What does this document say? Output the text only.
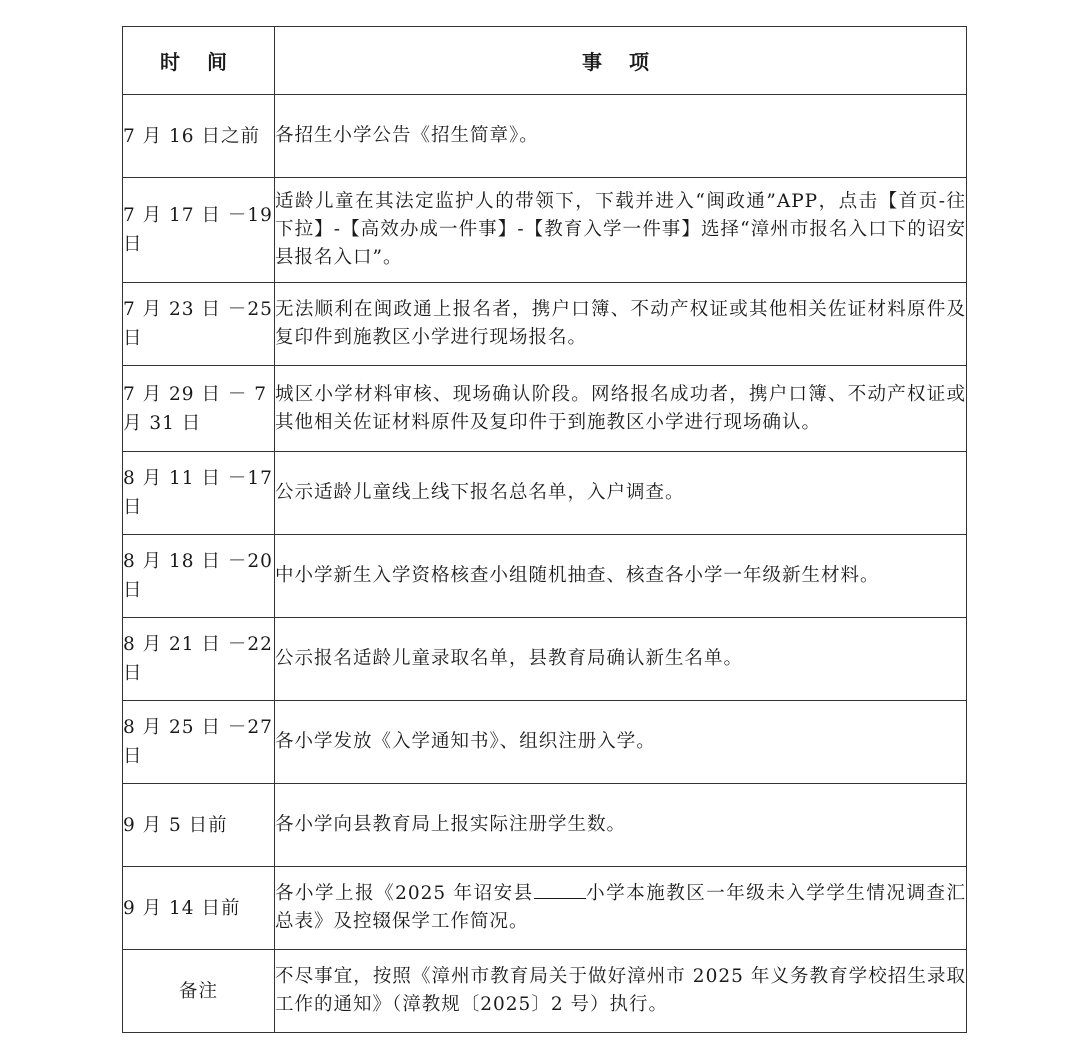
时 间	事 项
7 月 16 日之前	各招生小学公告《招生简章》。
7 月 17 日 －19 日	适龄儿童在其法定监护人的带领下，下载并进入“闽政通”APP，点击【首页-往下拉】-【高效办成一件事】-【教育入学一件事】选择“漳州市报名入口下的诏安县报名入口”。
7 月 23 日 －25 日	无法顺利在闽政通上报名者，携户口簿、不动产权证或其他相关佐证材料原件及复印件到施教区小学进行现场报名。
7 月 29 日 － 7 月 31 日	城区小学材料审核、现场确认阶段。网络报名成功者，携户口簿、不动产权证或其他相关佐证材料原件及复印件于到施教区小学进行现场确认。
8 月 11 日 －17 日	公示适龄儿童线上线下报名总名单，入户调查。
8 月 18 日 －20 日	中小学新生入学资格核查小组随机抽查、核查各小学一年级新生材料。
8 月 21 日 －22 日	公示报名适龄儿童录取名单，县教育局确认新生名单。
8 月 25 日 －27 日	各小学发放《入学通知书》、组织注册入学。
9 月 5 日前	各小学向县教育局上报实际注册学生数。
9 月 14 日前	各小学上报《2025 年诏安县 小学本施教区一年级未入学学生情况调查汇总表》及控辍保学工作简况。
备注	不尽事宜，按照《漳州市教育局关于做好漳州市 2025 年义务教育学校招生录取工作的通知》（漳教规〔2025〕2 号）执行。
